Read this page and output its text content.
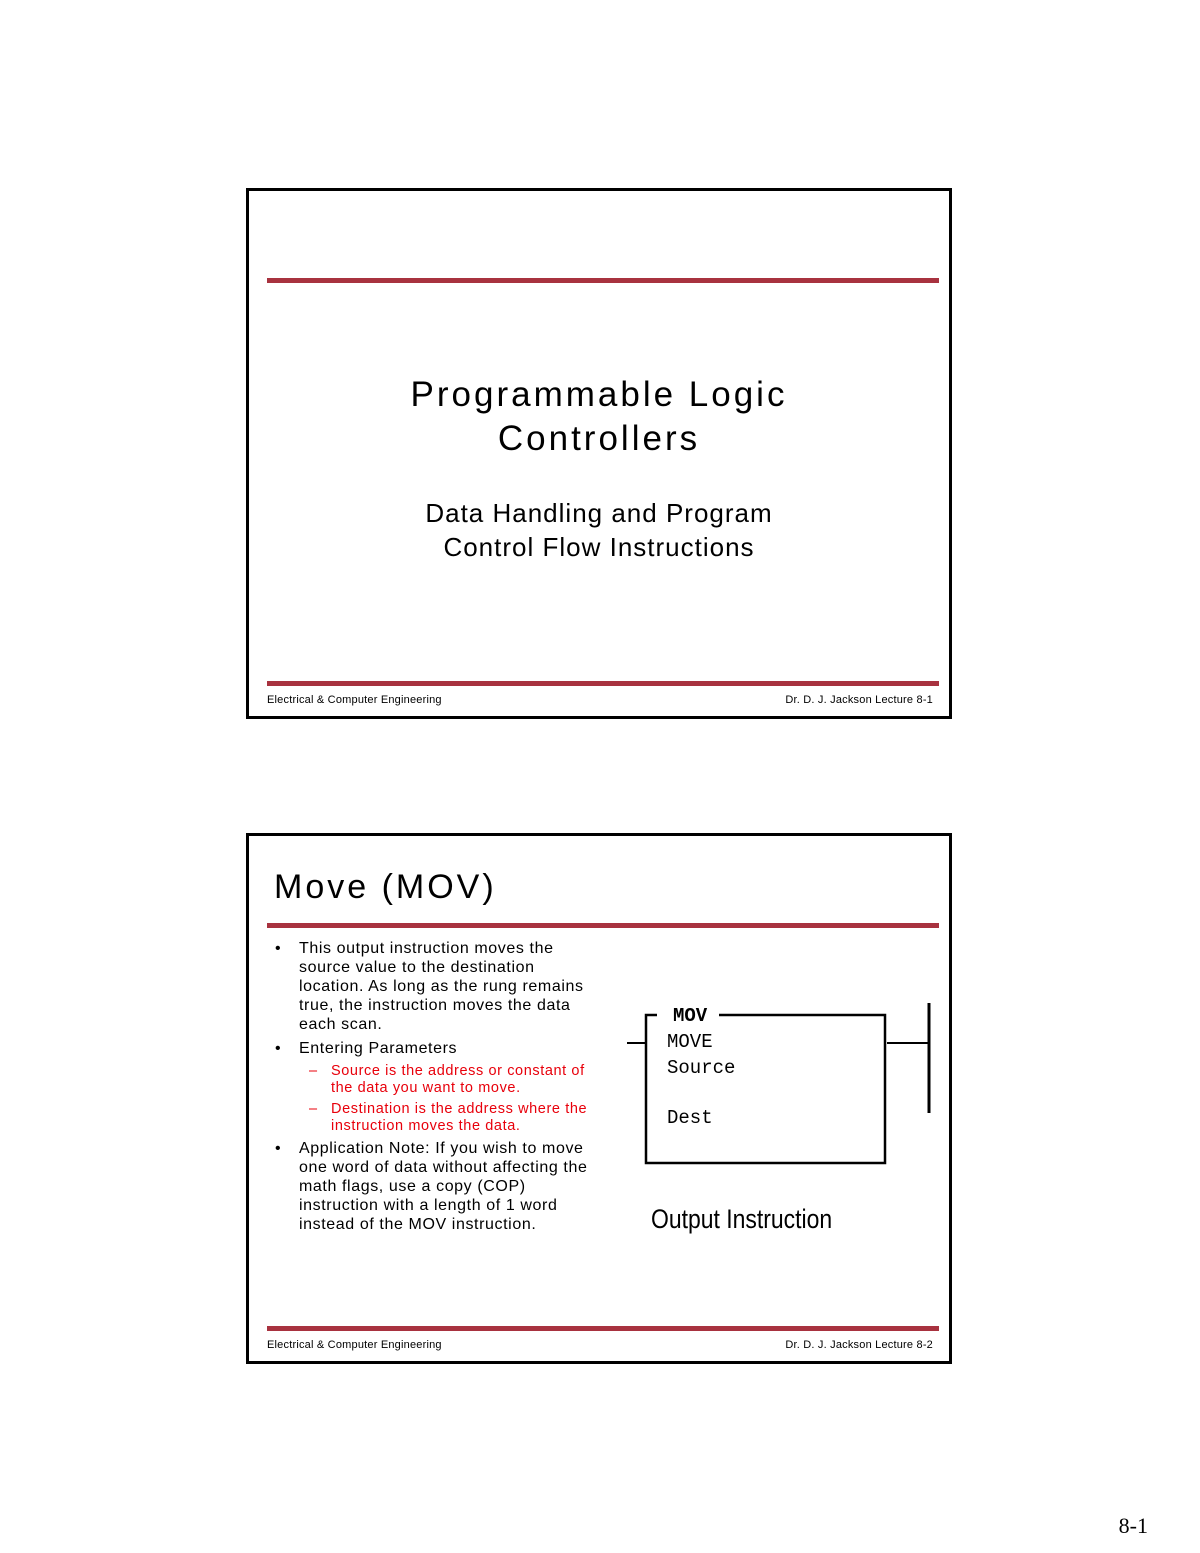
Programmable Logic
Controllers
Data Handling and Program
Control Flow Instructions
Electrical & Computer Engineering	Dr. D. J. Jackson Lecture 8-1
Move (MOV)
• This output instruction moves the source value to the destination location. As long as the rung remains true, the instruction moves the data each scan.
• Entering Parameters
– Source is the address or constant of the data you want to move.
– Destination is the address where the instruction moves the data.
• Application Note: If you wish to move one word of data without affecting the math flags, use a copy (COP) instruction with a length of 1 word instead of the MOV instruction.
MOV
MOVE
Source
Dest
Output Instruction
Electrical & Computer Engineering	Dr. D. J. Jackson Lecture 8-2
8-1
